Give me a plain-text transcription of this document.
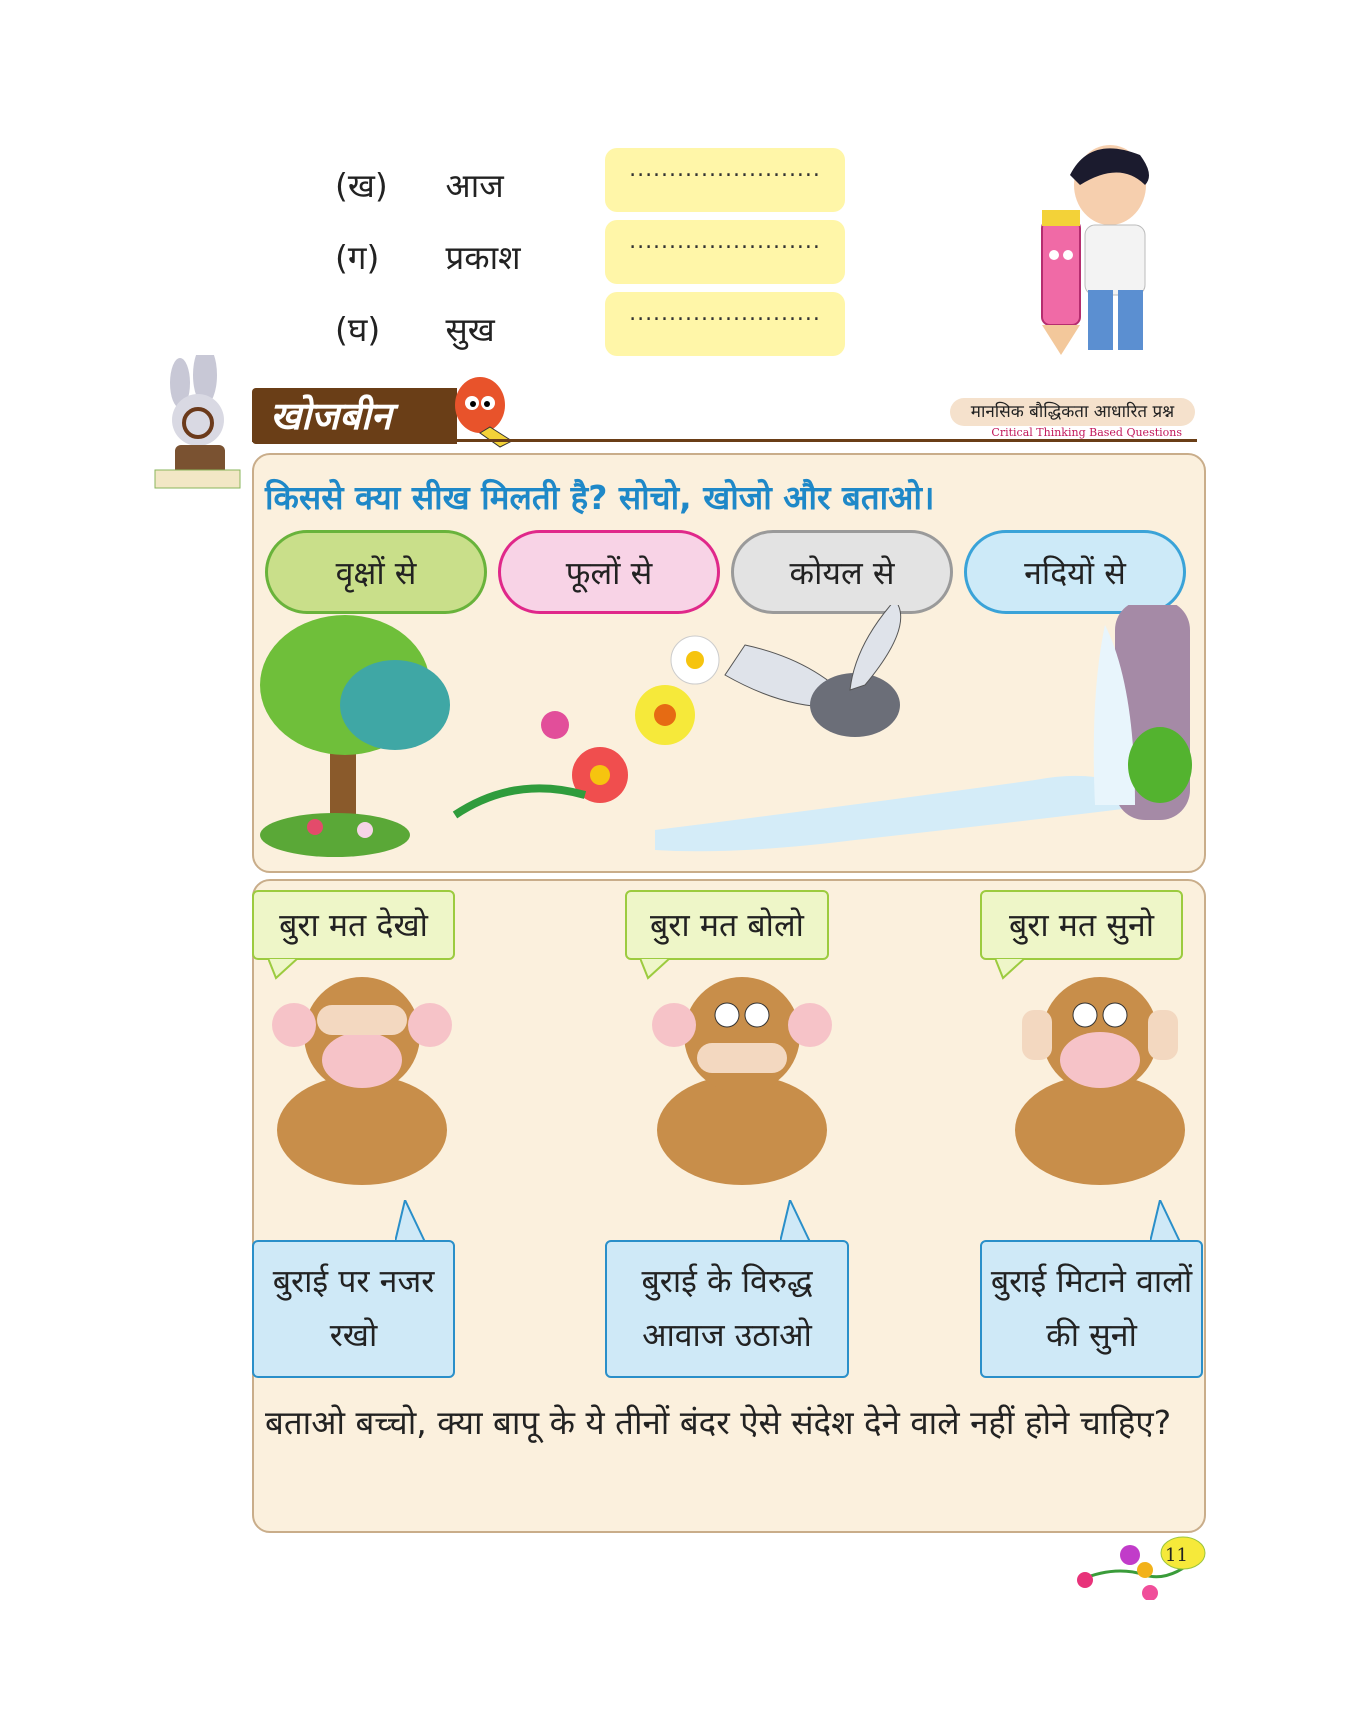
(ख) आज	........................
(ग) प्रकाश	........................
(घ) सुख	........................
खोजबीन	मानसिक बौद्धिकता आधारित प्रश्न
Critical Thinking Based Questions
किससे क्या सीख मिलती है? सोचो, खोजो और बताओ।
वृक्षों से	फूलों से	कोयल से	नदियों से
बुरा मत देखो	बुरा मत बोलो	बुरा मत सुनो
बुराई पर नजर रखो
बुराई के विरुद्ध आवाज उठाओ
बुराई मिटाने वालों की सुनो
बताओ बच्चो, क्या बापू के ये तीनों बंदर ऐसे संदेश देने वाले नहीं होने चाहिए?
11
